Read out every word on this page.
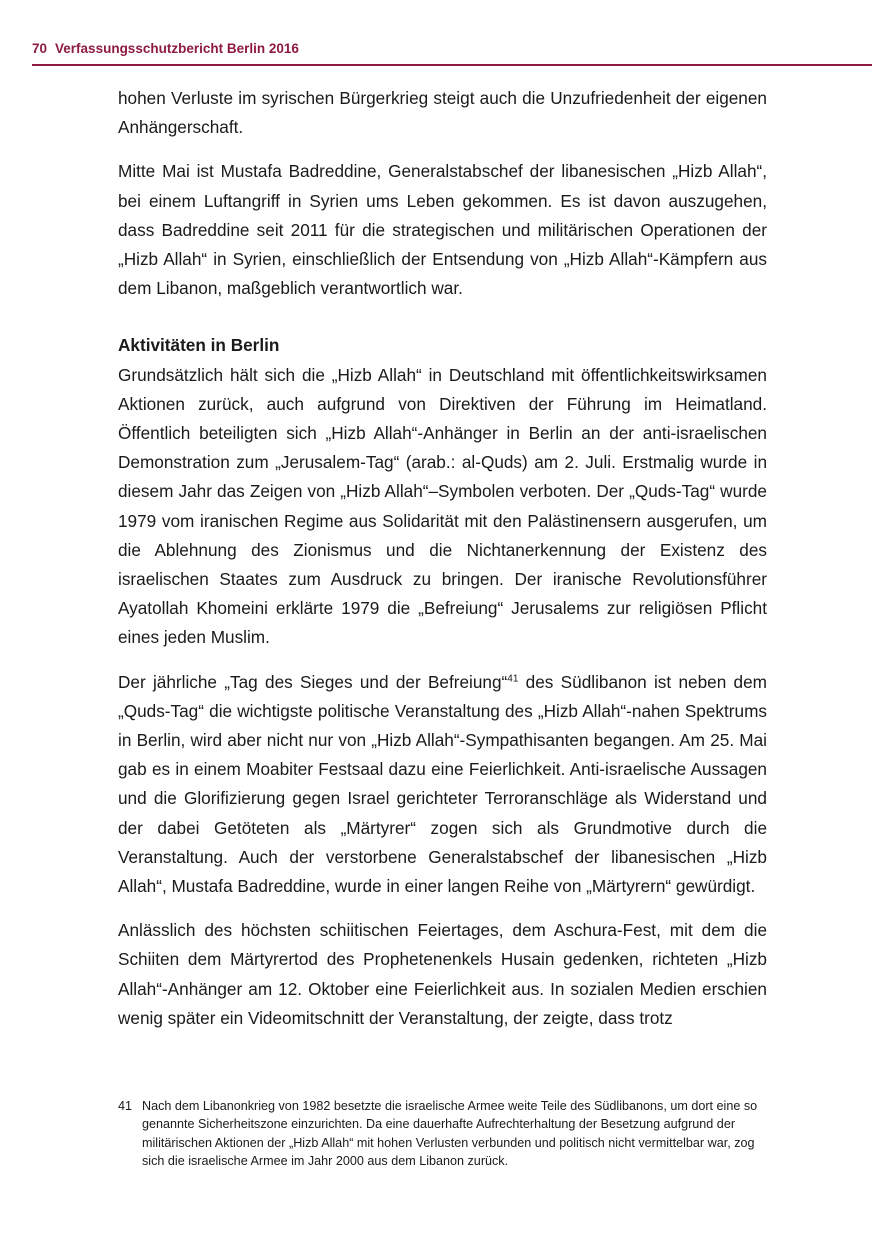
70 Verfassungsschutzbericht Berlin 2016

hohen Verluste im syrischen Bürgerkrieg steigt auch die Unzufriedenheit der eigenen Anhängerschaft.

Mitte Mai ist Mustafa Badreddine, Generalstabschef der libanesischen „Hizb Allah“, bei einem Luftangriff in Syrien ums Leben gekommen. Es ist davon auszugehen, dass Badreddine seit 2011 für die strategischen und militärischen Operationen der „Hizb Allah“ in Syrien, einschließlich der Entsendung von „Hizb Allah“-Kämpfern aus dem Libanon, maßgeblich verantwortlich war.

Aktivitäten in Berlin

Grundsätzlich hält sich die „Hizb Allah“ in Deutschland mit öffentlichkeitswirksamen Aktionen zurück, auch aufgrund von Direktiven der Führung im Heimatland. Öffentlich beteiligten sich „Hizb Allah“-Anhänger in Berlin an der anti-israelischen Demonstration zum „Jerusalem-Tag“ (arab.: al-Quds) am 2. Juli. Erstmalig wurde in diesem Jahr das Zeigen von „Hizb Allah“–Symbolen verboten. Der „Quds-Tag“ wurde 1979 vom iranischen Regime aus Solidarität mit den Palästinensern ausgerufen, um die Ablehnung des Zionismus und die Nichtanerkennung der Existenz des israelischen Staates zum Ausdruck zu bringen. Der iranische Revolutionsführer Ayatollah Khomeini erklärte 1979 die „Befreiung“ Jerusalems zur religiösen Pflicht eines jeden Muslim.

Der jährliche „Tag des Sieges und der Befreiung“$^{41}$ des Südlibanon ist neben dem „Quds-Tag“ die wichtigste politische Veranstaltung des „Hizb Allah“-nahen Spektrums in Berlin, wird aber nicht nur von „Hizb Allah“-Sympathisanten begangen. Am 25. Mai gab es in einem Moabiter Festsaal dazu eine Feierlichkeit. Anti-israelische Aussagen und die Glorifizierung gegen Israel gerichteter Terroranschläge als Widerstand und der dabei Getöteten als „Märtyrer“ zogen sich als Grundmotive durch die Veranstaltung. Auch der verstorbene Generalstabschef der libanesischen „Hizb Allah“, Mustafa Badreddine, wurde in einer langen Reihe von „Märtyrern“ gewürdigt.

Anlässlich des höchsten schiitischen Feiertages, dem Aschura-Fest, mit dem die Schiiten dem Märtyrertod des Prophetenenkels Husain gedenken, richteten „Hizb Allah“-Anhänger am 12. Oktober eine Feierlichkeit aus. In sozialen Medien erschien wenig später ein Videomitschnitt der Veranstaltung, der zeigte, dass trotz

41 Nach dem Libanonkrieg von 1982 besetzte die israelische Armee weite Teile des Südlibanons, um dort eine so genannte Sicherheitszone einzurichten. Da eine dauerhafte Aufrechterhaltung der Besetzung aufgrund der militärischen Aktionen der „Hizb Allah“ mit hohen Verlusten verbunden und politisch nicht vermittelbar war, zog sich die israelische Armee im Jahr 2000 aus dem Libanon zurück.
